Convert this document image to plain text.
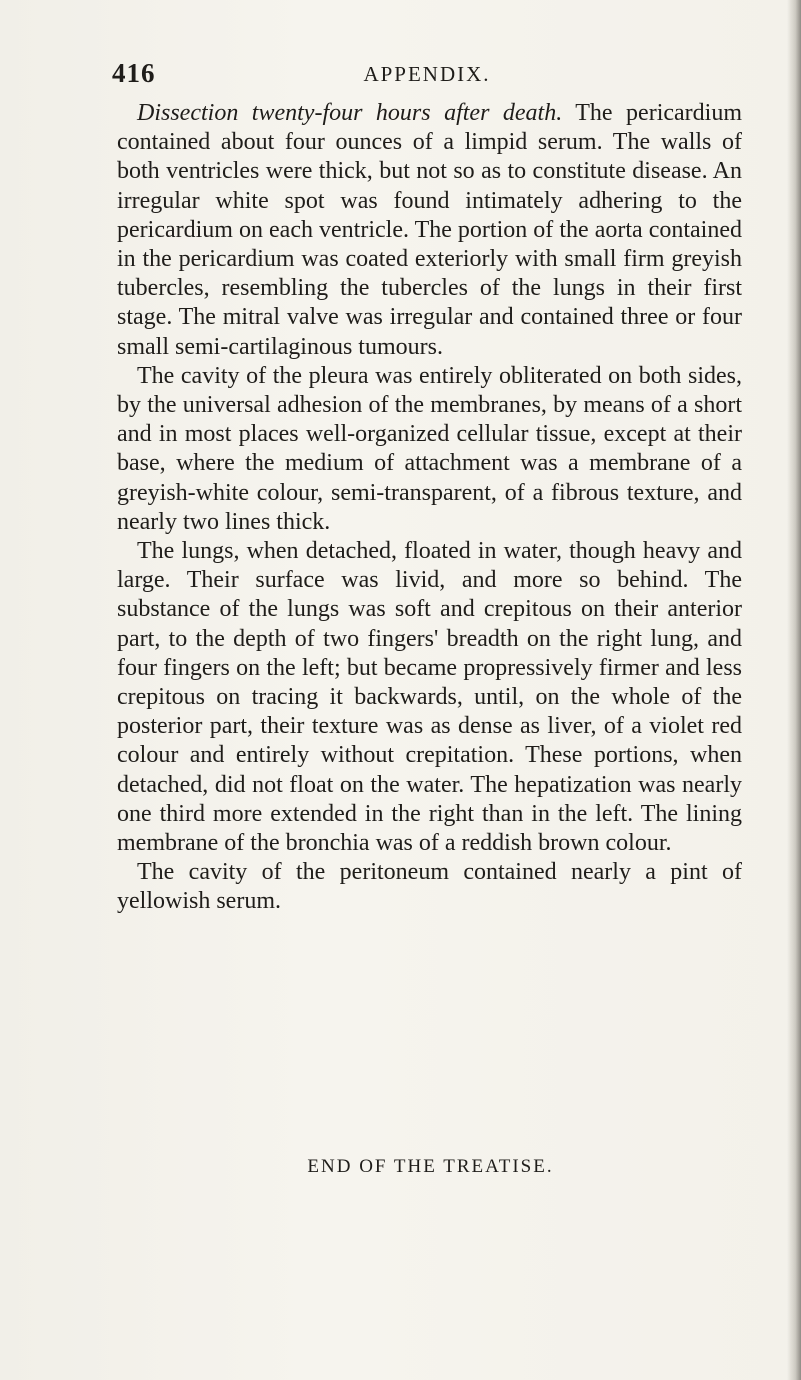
416	APPENDIX.

Dissection twenty-four hours after death. The pericardium contained about four ounces of a limpid serum. The walls of both ventricles were thick, but not so as to constitute disease. An irregular white spot was found intimately adhering to the pericardium on each ventricle. The portion of the aorta contained in the pericardium was coated exteriorly with small firm greyish tubercles, resembling the tubercles of the lungs in their first stage. The mitral valve was irregular and contained three or four small semi-cartilaginous tumours.

The cavity of the pleura was entirely obliterated on both sides, by the universal adhesion of the membranes, by means of a short and in most places well-organized cellular tissue, except at their base, where the medium of attachment was a membrane of a greyish-white colour, semi-transparent, of a fibrous texture, and nearly two lines thick.

The lungs, when detached, floated in water, though heavy and large. Their surface was livid, and more so behind. The substance of the lungs was soft and crepitous on their anterior part, to the depth of two fingers' breadth on the right lung, and four fingers on the left; but became propressively firmer and less crepitous on tracing it backwards, until, on the whole of the posterior part, their texture was as dense as liver, of a violet red colour and entirely without crepitation. These portions, when detached, did not float on the water. The hepatization was nearly one third more extended in the right than in the left. The lining membrane of the bronchia was of a reddish brown colour.

The cavity of the peritoneum contained nearly a pint of yellowish serum.

END OF THE TREATISE.
